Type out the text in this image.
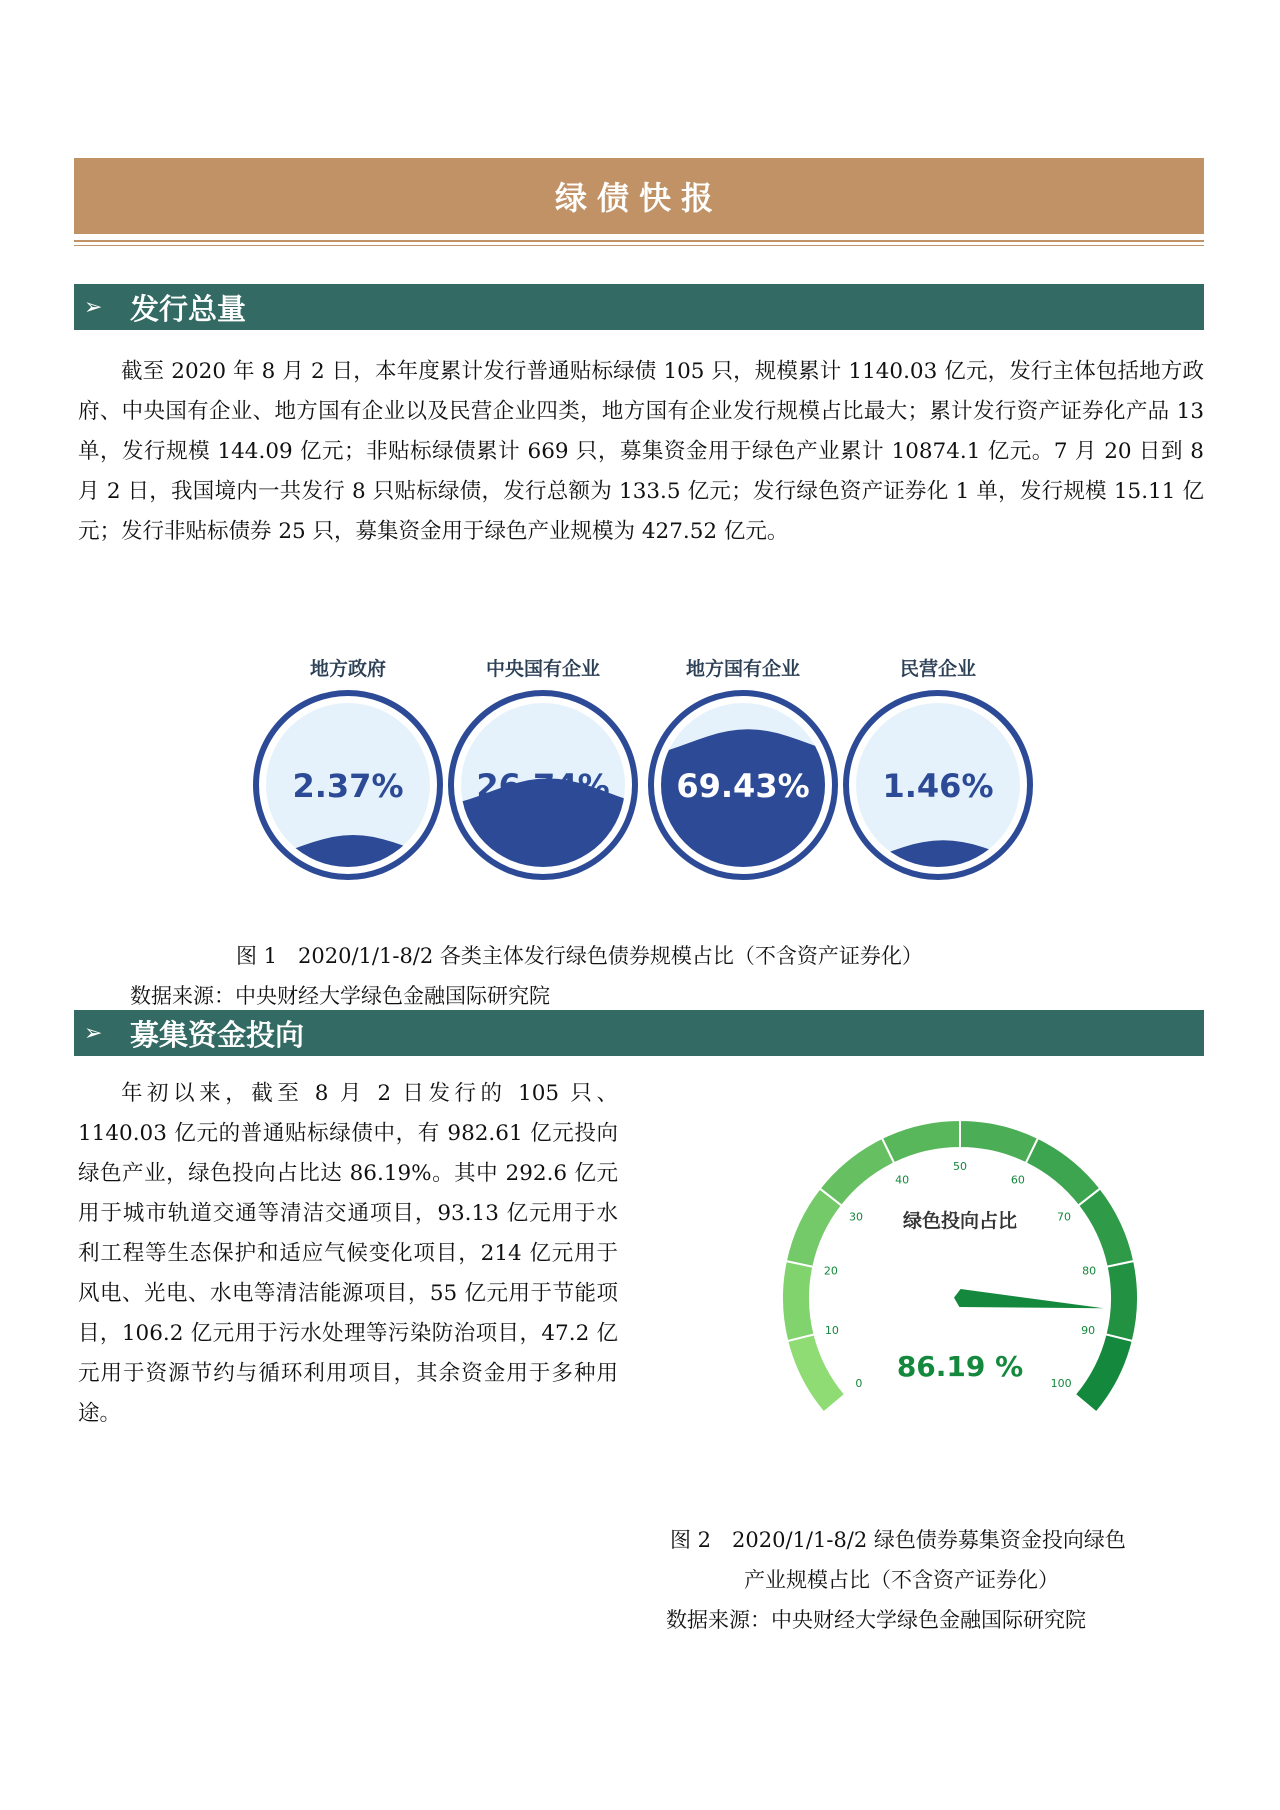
绿债快报
➢ 发行总量
截至 2020 年 8 月 2 日，本年度累计发行普通贴标绿债 105 只，规模累计 1140.03 亿元，发行主体包括地方政府、中央国有企业、地方国有企业以及民营企业四类，地方国有企业发行规模占比最大；累计发行资产证券化产品 13 单，发行规模 144.09 亿元；非贴标绿债累计 669 只，募集资金用于绿色产业累计 10874.1 亿元。7 月 20 日到 8 月 2 日，我国境内一共发行 8 只贴标绿债，发行总额为 133.5 亿元；发行绿色资产证券化 1 单，发行规模 15.11 亿元；发行非贴标债券 25 只，募集资金用于绿色产业规模为 427.52 亿元。
地方政府	中央国有企业	地方国有企业	民营企业
2.37% 26.74% 69.43% 1.46%
图 1　2020/1/1-8/2 各类主体发行绿色债券规模占比（不含资产证券化）
数据来源：中央财经大学绿色金融国际研究院
➢ 募集资金投向
年初以来，截至 8 月 2 日发行的 105 只、1140.03 亿元的普通贴标绿债中，有 982.61 亿元投向绿色产业，绿色投向占比达 86.19%。其中 292.6 亿元用于城市轨道交通等清洁交通项目，93.13 亿元用于水利工程等生态保护和适应气候变化项目，214 亿元用于风电、光电、水电等清洁能源项目，55 亿元用于节能项目，106.2 亿元用于污水处理等污染防治项目，47.2 亿元用于资源节约与循环利用项目，其余资金用于多种用途。
0
10
20
30
40
50
60
70
80
90
100
绿色投向占比
86.19 %
图 2　2020/1/1-8/2 绿色债券募集资金投向绿色
产业规模占比（不含资产证券化）
数据来源：中央财经大学绿色金融国际研究院
